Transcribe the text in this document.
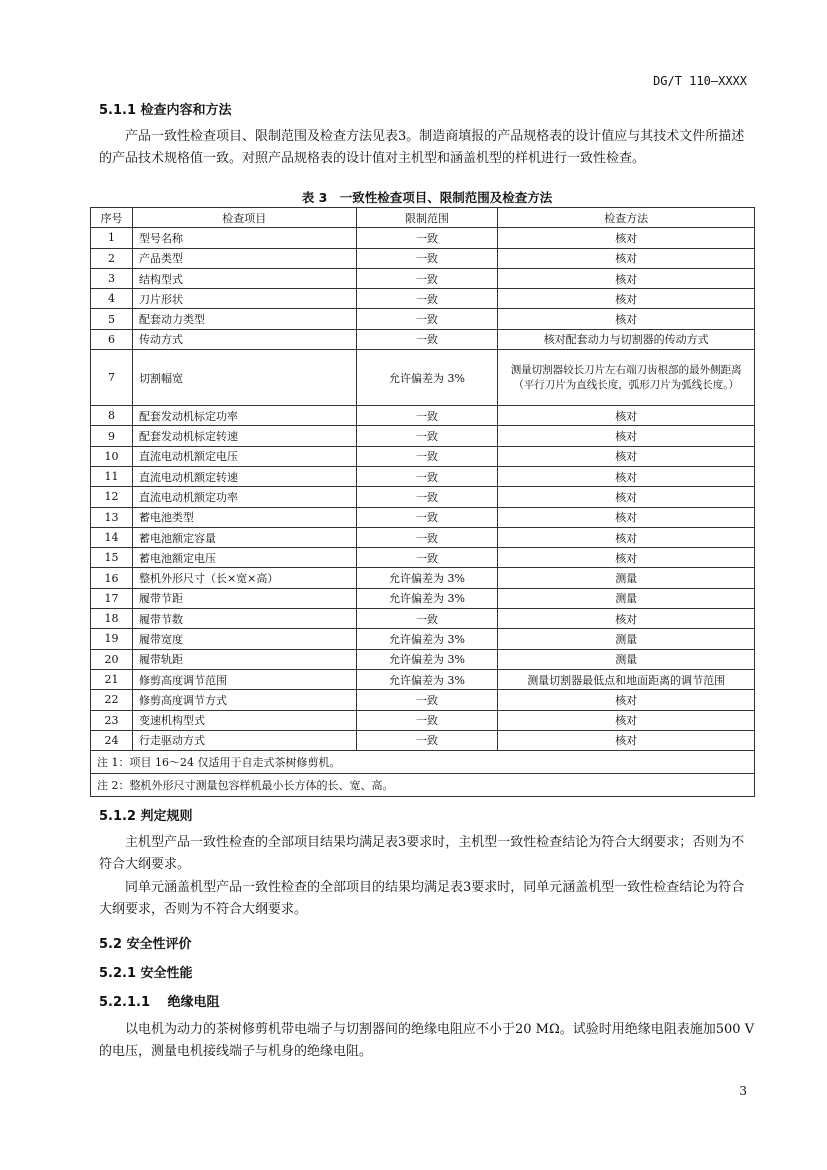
DG/T 110—XXXX
5.1.1 检查内容和方法

产品一致性检查项目、限制范围及检查方法见表3。制造商填报的产品规格表的设计值应与其技术文件所描述的产品技术规格值一致。对照产品规格表的设计值对主机型和涵盖机型的样机进行一致性检查。

表 3　一致性检查项目、限制范围及检查方法
序号	检查项目	限制范围	检查方法
1	型号名称	一致	核对
2	产品类型	一致	核对
3	结构型式	一致	核对
4	刀片形状	一致	核对
5	配套动力类型	一致	核对
6	传动方式	一致	核对配套动力与切割器的传动方式
7	切割幅宽	允许偏差为 3%	测量切割器较长刀片左右端刀齿根部的最外侧距离（平行刀片为直线长度，弧形刀片为弧线长度。）
8	配套发动机标定功率	一致	核对
9	配套发动机标定转速	一致	核对
10	直流电动机额定电压	一致	核对
11	直流电动机额定转速	一致	核对
12	直流电动机额定功率	一致	核对
13	蓄电池类型	一致	核对
14	蓄电池额定容量	一致	核对
15	蓄电池额定电压	一致	核对
16	整机外形尺寸（长×宽×高）	允许偏差为 3%	测量
17	履带节距	允许偏差为 3%	测量
18	履带节数	一致	核对
19	履带宽度	允许偏差为 3%	测量
20	履带轨距	允许偏差为 3%	测量
21	修剪高度调节范围	允许偏差为 3%	测量切割器最低点和地面距离的调节范围
22	修剪高度调节方式	一致	核对
23	变速机构型式	一致	核对
24	行走驱动方式	一致	核对
注 1：项目 16～24 仅适用于自走式茶树修剪机。			
注 2：整机外形尺寸测量包容样机最小长方体的长、宽、高。			
5.1.2 判定规则

主机型产品一致性检查的全部项目结果均满足表3要求时，主机型一致性检查结论为符合大纲要求；否则为不符合大纲要求。

同单元涵盖机型产品一致性检查的全部项目的结果均满足表3要求时，同单元涵盖机型一致性检查结论为符合大纲要求，否则为不符合大纲要求。

5.2 安全性评价
5.2.1 安全性能
5.2.1.1　 绝缘电阻

以电机为动力的茶树修剪机带电端子与切割器间的绝缘电阻应不小于20 MΩ。试验时用绝缘电阻表施加500 V的电压，测量电机接线端子与机身的绝缘电阻。

3
